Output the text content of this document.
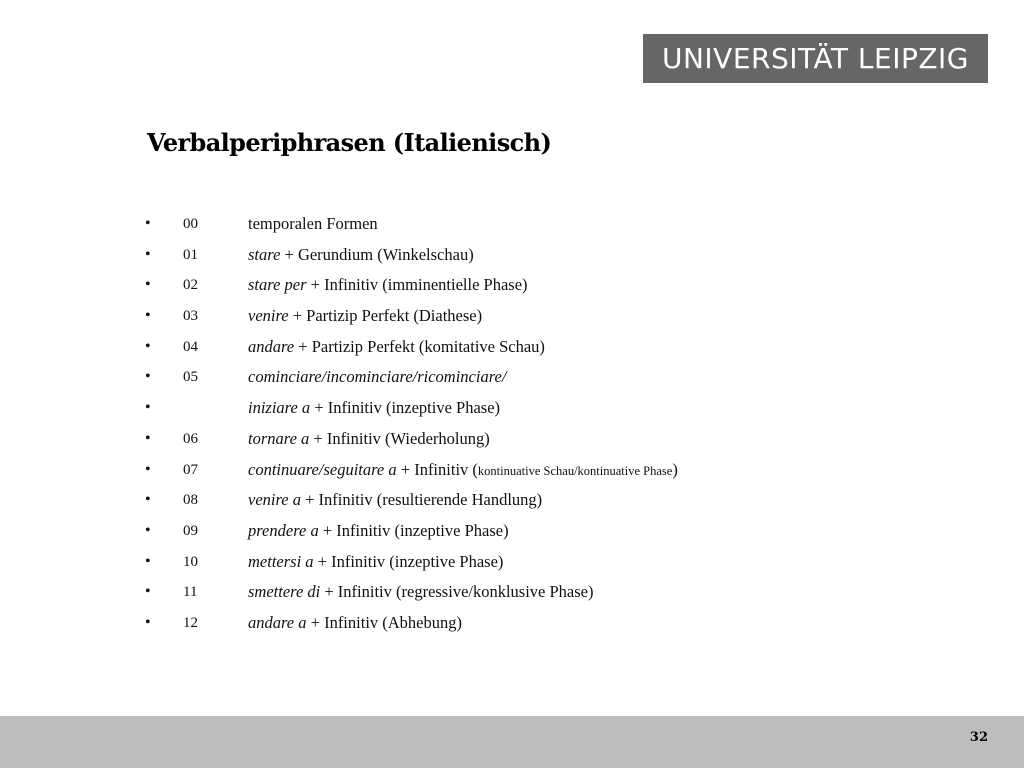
UNIVERSITÄT LEIPZIG
Verbalperiphrasen (Italienisch)
• 00	temporalen Formen
• 01	stare + Gerundium (Winkelschau)
• 02	stare per + Infinitiv (imminentielle Phase)
• 03	venire + Partizip Perfekt (Diathese)
• 04	andare + Partizip Perfekt (komitative Schau)
• 05	cominciare/incominciare/ricominciare/
•	iniziare a + Infinitiv (inzeptive Phase)
• 06	tornare a + Infinitiv (Wiederholung)
• 07	continuare/seguitare a + Infinitiv (kontinuative Schau/kontinuative Phase)
• 08	venire a + Infinitiv (resultierende Handlung)
• 09	prendere a + Infinitiv (inzeptive Phase)
• 10	mettersi a + Infinitiv (inzeptive Phase)
• 11	smettere di + Infinitiv (regressive/konklusive Phase)
• 12	andare a + Infinitiv (Abhebung)
32
